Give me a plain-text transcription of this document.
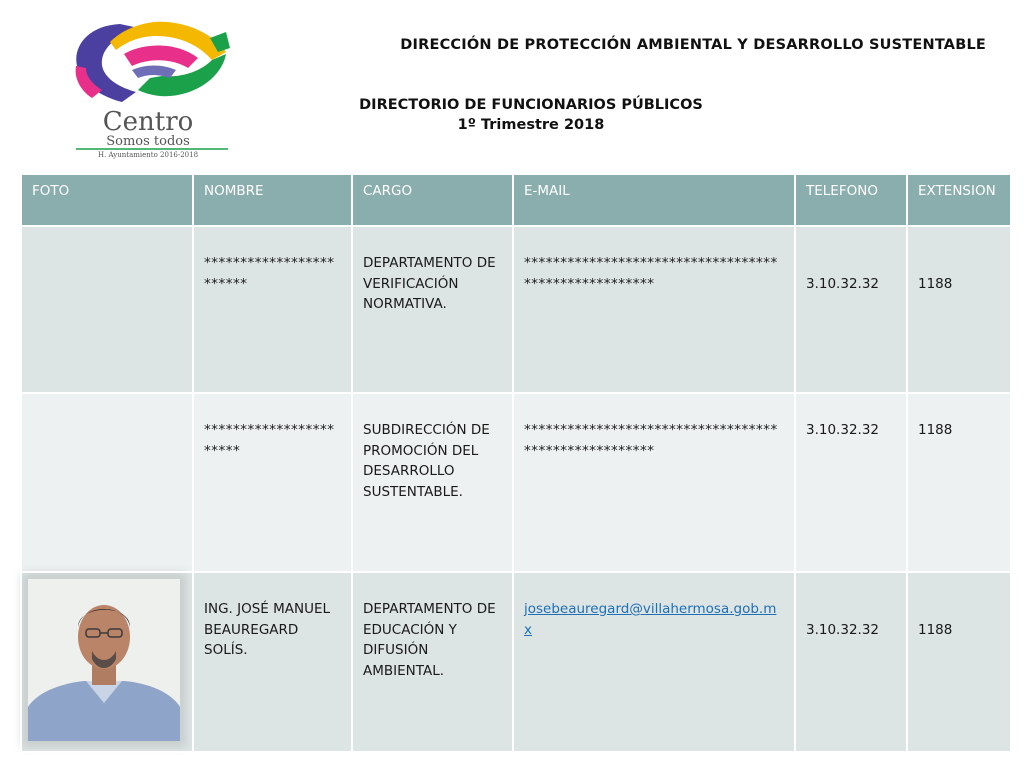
Centro
Somos todos
H. Ayuntamiento 2016-2018
DIRECCIÓN DE PROTECCIÓN AMBIENTAL Y DESARROLLO SUSTENTABLE
DIRECTORIO DE FUNCIONARIOS PÚBLICOS
1º Trimestre 2018
FOTO	NOMBRE	CARGO	E-MAIL	TELEFONO	EXTENSION
	************************	DEPARTAMENTO DE VERIFICACIÓN NORMATIVA.	*****************************************************	3.10.32.32	1188
	***********************	SUBDIRECCIÓN DE PROMOCIÓN DEL DESARROLLO SUSTENTABLE.	*****************************************************	3.10.32.32	1188

	ING. JOSÉ MANUEL BEAUREGARD SOLÍS.	DEPARTAMENTO DE EDUCACIÓN Y DIFUSIÓN AMBIENTAL.	josebeauregard@villahermosa.gob.mx	3.10.32.32	1188
